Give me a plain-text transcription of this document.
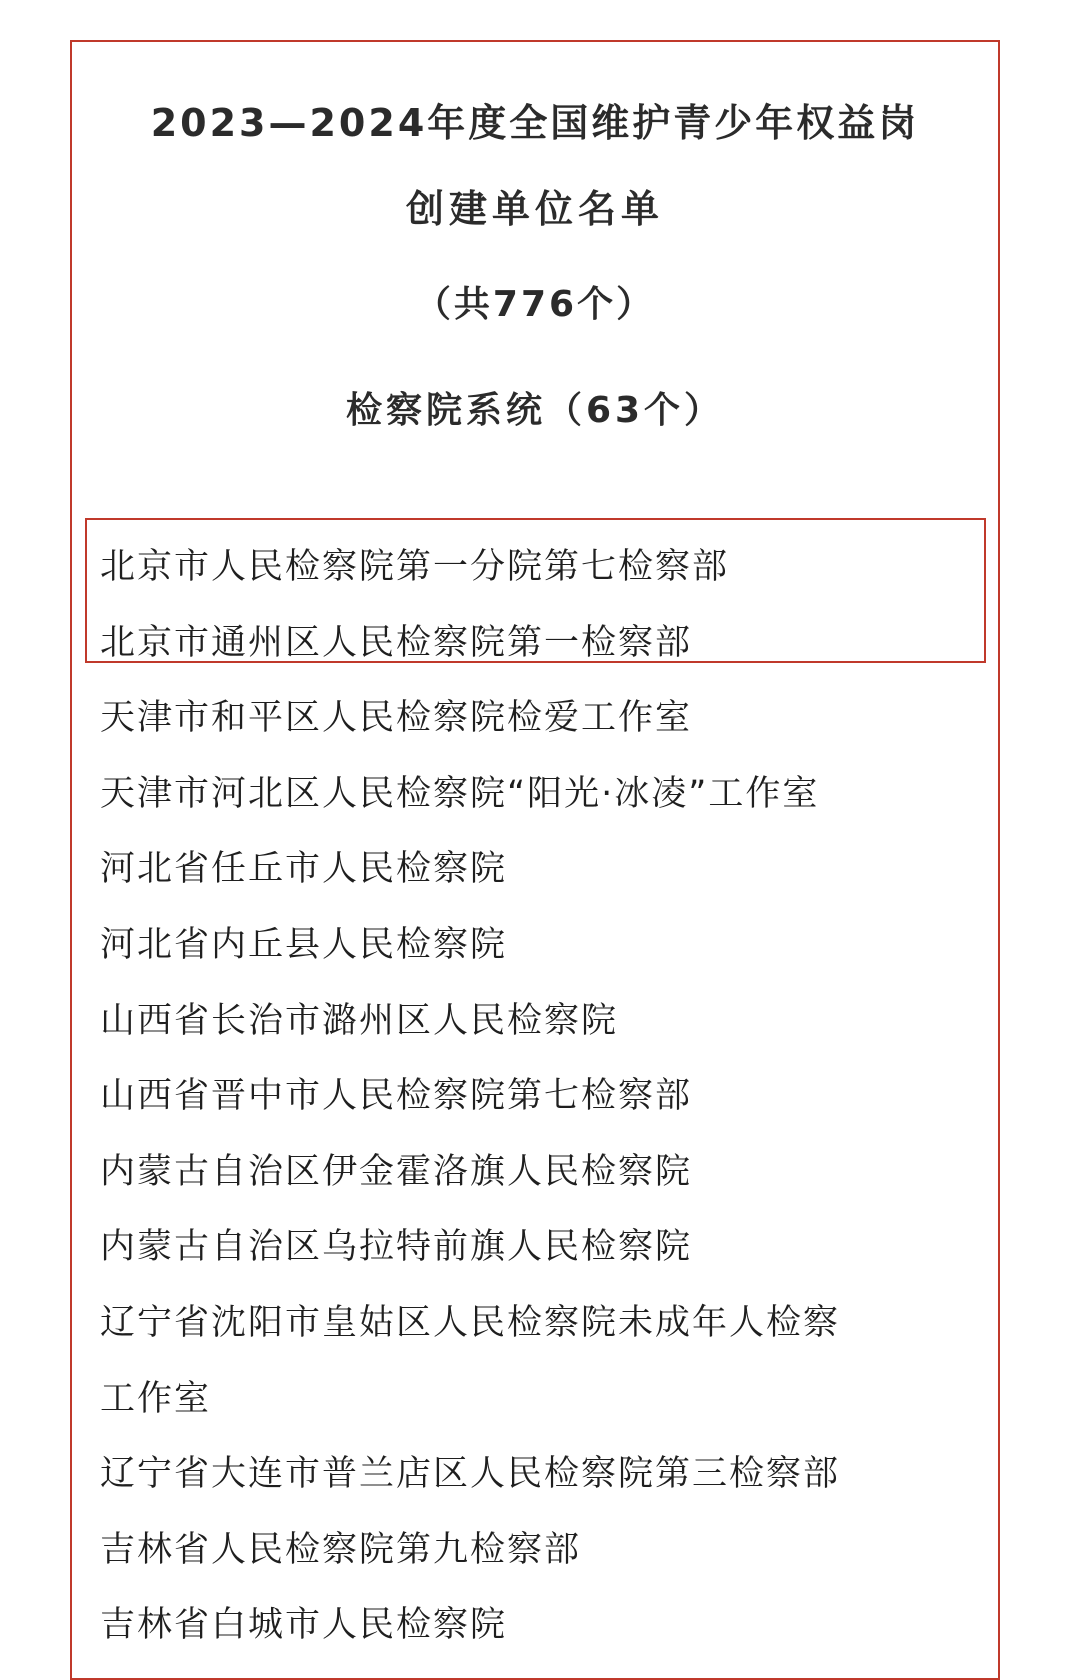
2023—2024年度全国维护青少年权益岗
创建单位名单
（共776个）
检察院系统（63个）
北京市人民检察院第一分院第七检察部
北京市通州区人民检察院第一检察部
天津市和平区人民检察院检爱工作室
天津市河北区人民检察院“阳光·冰凌”工作室
河北省任丘市人民检察院
河北省内丘县人民检察院
山西省长治市潞州区人民检察院
山西省晋中市人民检察院第七检察部
内蒙古自治区伊金霍洛旗人民检察院
内蒙古自治区乌拉特前旗人民检察院
辽宁省沈阳市皇姑区人民检察院未成年人检察
工作室
辽宁省大连市普兰店区人民检察院第三检察部
吉林省人民检察院第九检察部
吉林省白城市人民检察院
